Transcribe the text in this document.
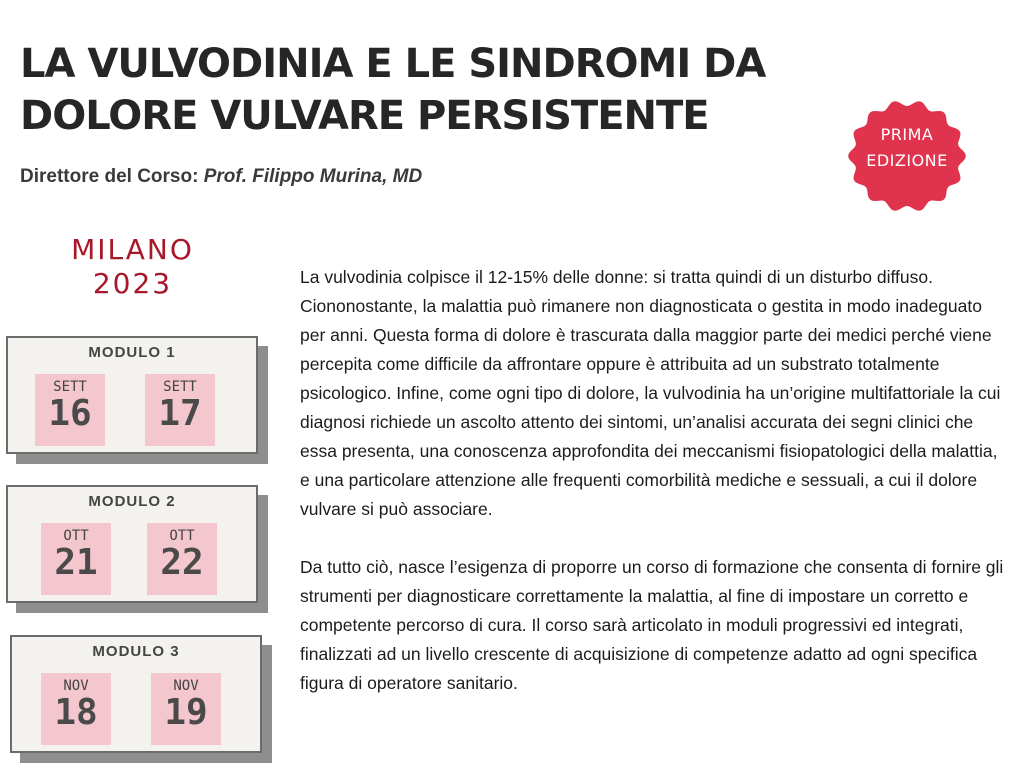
LA VULVODINIA E LE SINDROMI DA
DOLORE VULVARE PERSISTENTE
Direttore del Corso: Prof. Filippo Murina, MD
PRIMA
EDIZIONE
MILANO
2023
MODULO 1
SETT
16
SETT
17
MODULO 2
OTT
21
OTT
22
MODULO 3
NOV
18
NOV
19

La vulvodinia colpisce il 12-15% delle donne: si tratta quindi di un disturbo diffuso. Ciononostante, la malattia può rimanere non diagnosticata o gestita in modo inadeguato per anni. Questa forma di dolore è trascurata dalla maggior parte dei medici perché viene percepita come difficile da affrontare oppure è attribuita ad un substrato totalmente psicologico. Infine, come ogni tipo di dolore, la vulvodinia ha un’origine multifattoriale la cui diagnosi richiede un ascolto attento dei sintomi, un’analisi accurata dei segni clinici che essa presenta, una conoscenza approfondita dei meccanismi fisiopatologici della malattia, e una particolare attenzione alle frequenti comorbilità mediche e sessuali, a cui il dolore vulvare si può associare.

Da tutto ciò, nasce l’esigenza di proporre un corso di formazione che consenta di fornire gli strumenti per diagnosticare correttamente la malattia, al fine di impostare un corretto e competente percorso di cura. Il corso sarà articolato in moduli progressivi ed integrati, finalizzati ad un livello crescente di acquisizione di competenze adatto ad ogni specifica figura di operatore sanitario.
